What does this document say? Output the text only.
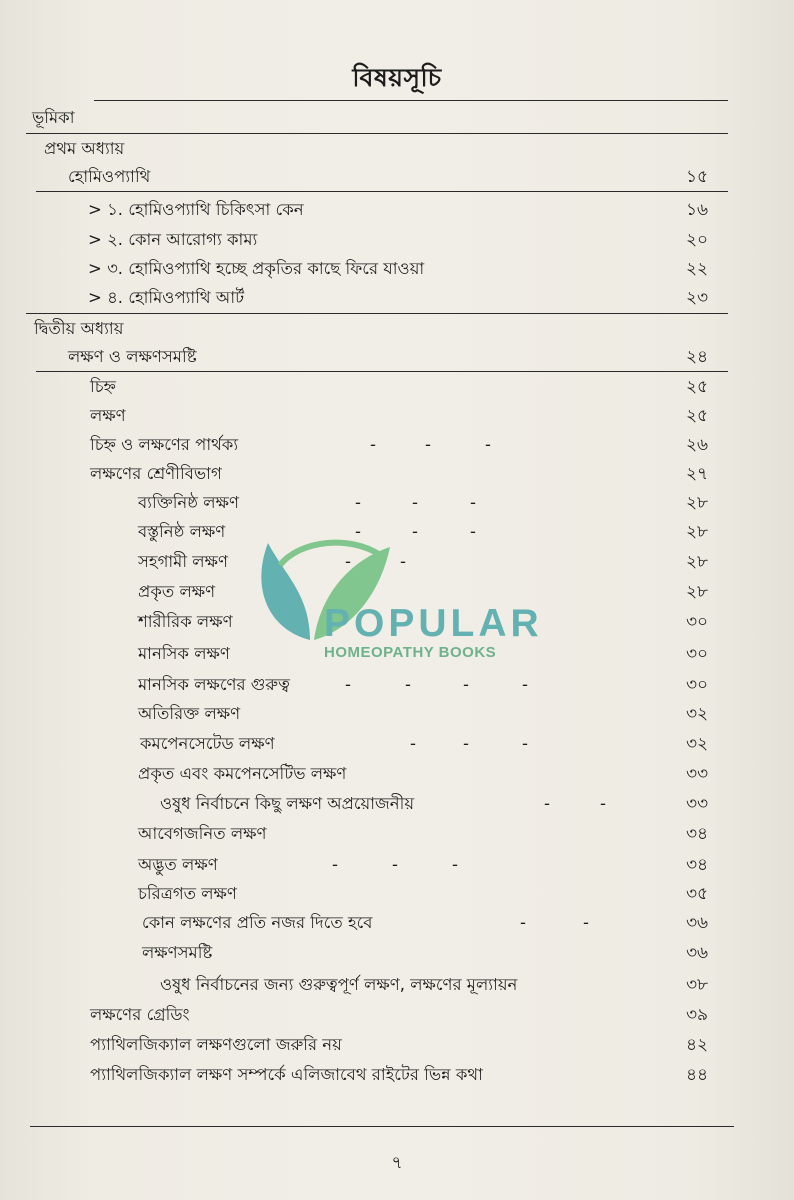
বিষয়সূচি
ভূমিকা
প্রথম অধ্যায়
হোমিওপ্যাথি	১৫
> ১. হোমিওপ্যাথি চিকিৎসা কেন	১৬
> ২. কোন আরোগ্য কাম্য	২০
> ৩. হোমিওপ্যাথি হচ্ছে প্রকৃতির কাছে ফিরে যাওয়া	২২
> ৪. হোমিওপ্যাথি আর্ট	২৩
দ্বিতীয় অধ্যায়
লক্ষণ ও লক্ষণসমষ্টি	২৪
চিহ্ন	২৫
লক্ষণ	২৫
চিহ্ন ও লক্ষণের পার্থক্য	-	-	-	২৬
লক্ষণের শ্রেণীবিভাগ	২৭
ব্যক্তিনিষ্ঠ লক্ষণ	-	-	-	২৮
বস্তুনিষ্ঠ লক্ষণ	-	-	-	২৮
সহগামী লক্ষণ	-	-	২৮
প্রকৃত লক্ষণ	২৮
শারীরিক লক্ষণ	৩০
মানসিক লক্ষণ	৩০
মানসিক লক্ষণের গুরুত্ব	-	-	-	-	৩০
অতিরিক্ত লক্ষণ	৩২
কমপেনসেটেড লক্ষণ	-	-	-	৩২
প্রকৃত এবং কমপেনসেটিভ লক্ষণ	৩৩
ওষুধ নির্বাচনে কিছু লক্ষণ অপ্রয়োজনীয়	-	-	৩৩
আবেগজনিত লক্ষণ	৩৪
অদ্ভুত লক্ষণ	-	-	-	৩৪
চরিত্রগত লক্ষণ	৩৫
কোন লক্ষণের প্রতি নজর দিতে হবে	-	-	৩৬
লক্ষণসমষ্টি	৩৬
ওষুধ নির্বাচনের জন্য গুরুত্বপূর্ণ লক্ষণ, লক্ষণের মূল্যায়ন	৩৮
লক্ষণের গ্রেডিং	৩৯
প্যাথিলজিক্যাল লক্ষণগুলো জরুরি নয়	৪২
প্যাথিলজিক্যাল লক্ষণ সম্পর্কে এলিজাবেথ রাইটের ভিন্ন কথা	৪৪
৭
POPULAR
HOMEOPATHY BOOKS
